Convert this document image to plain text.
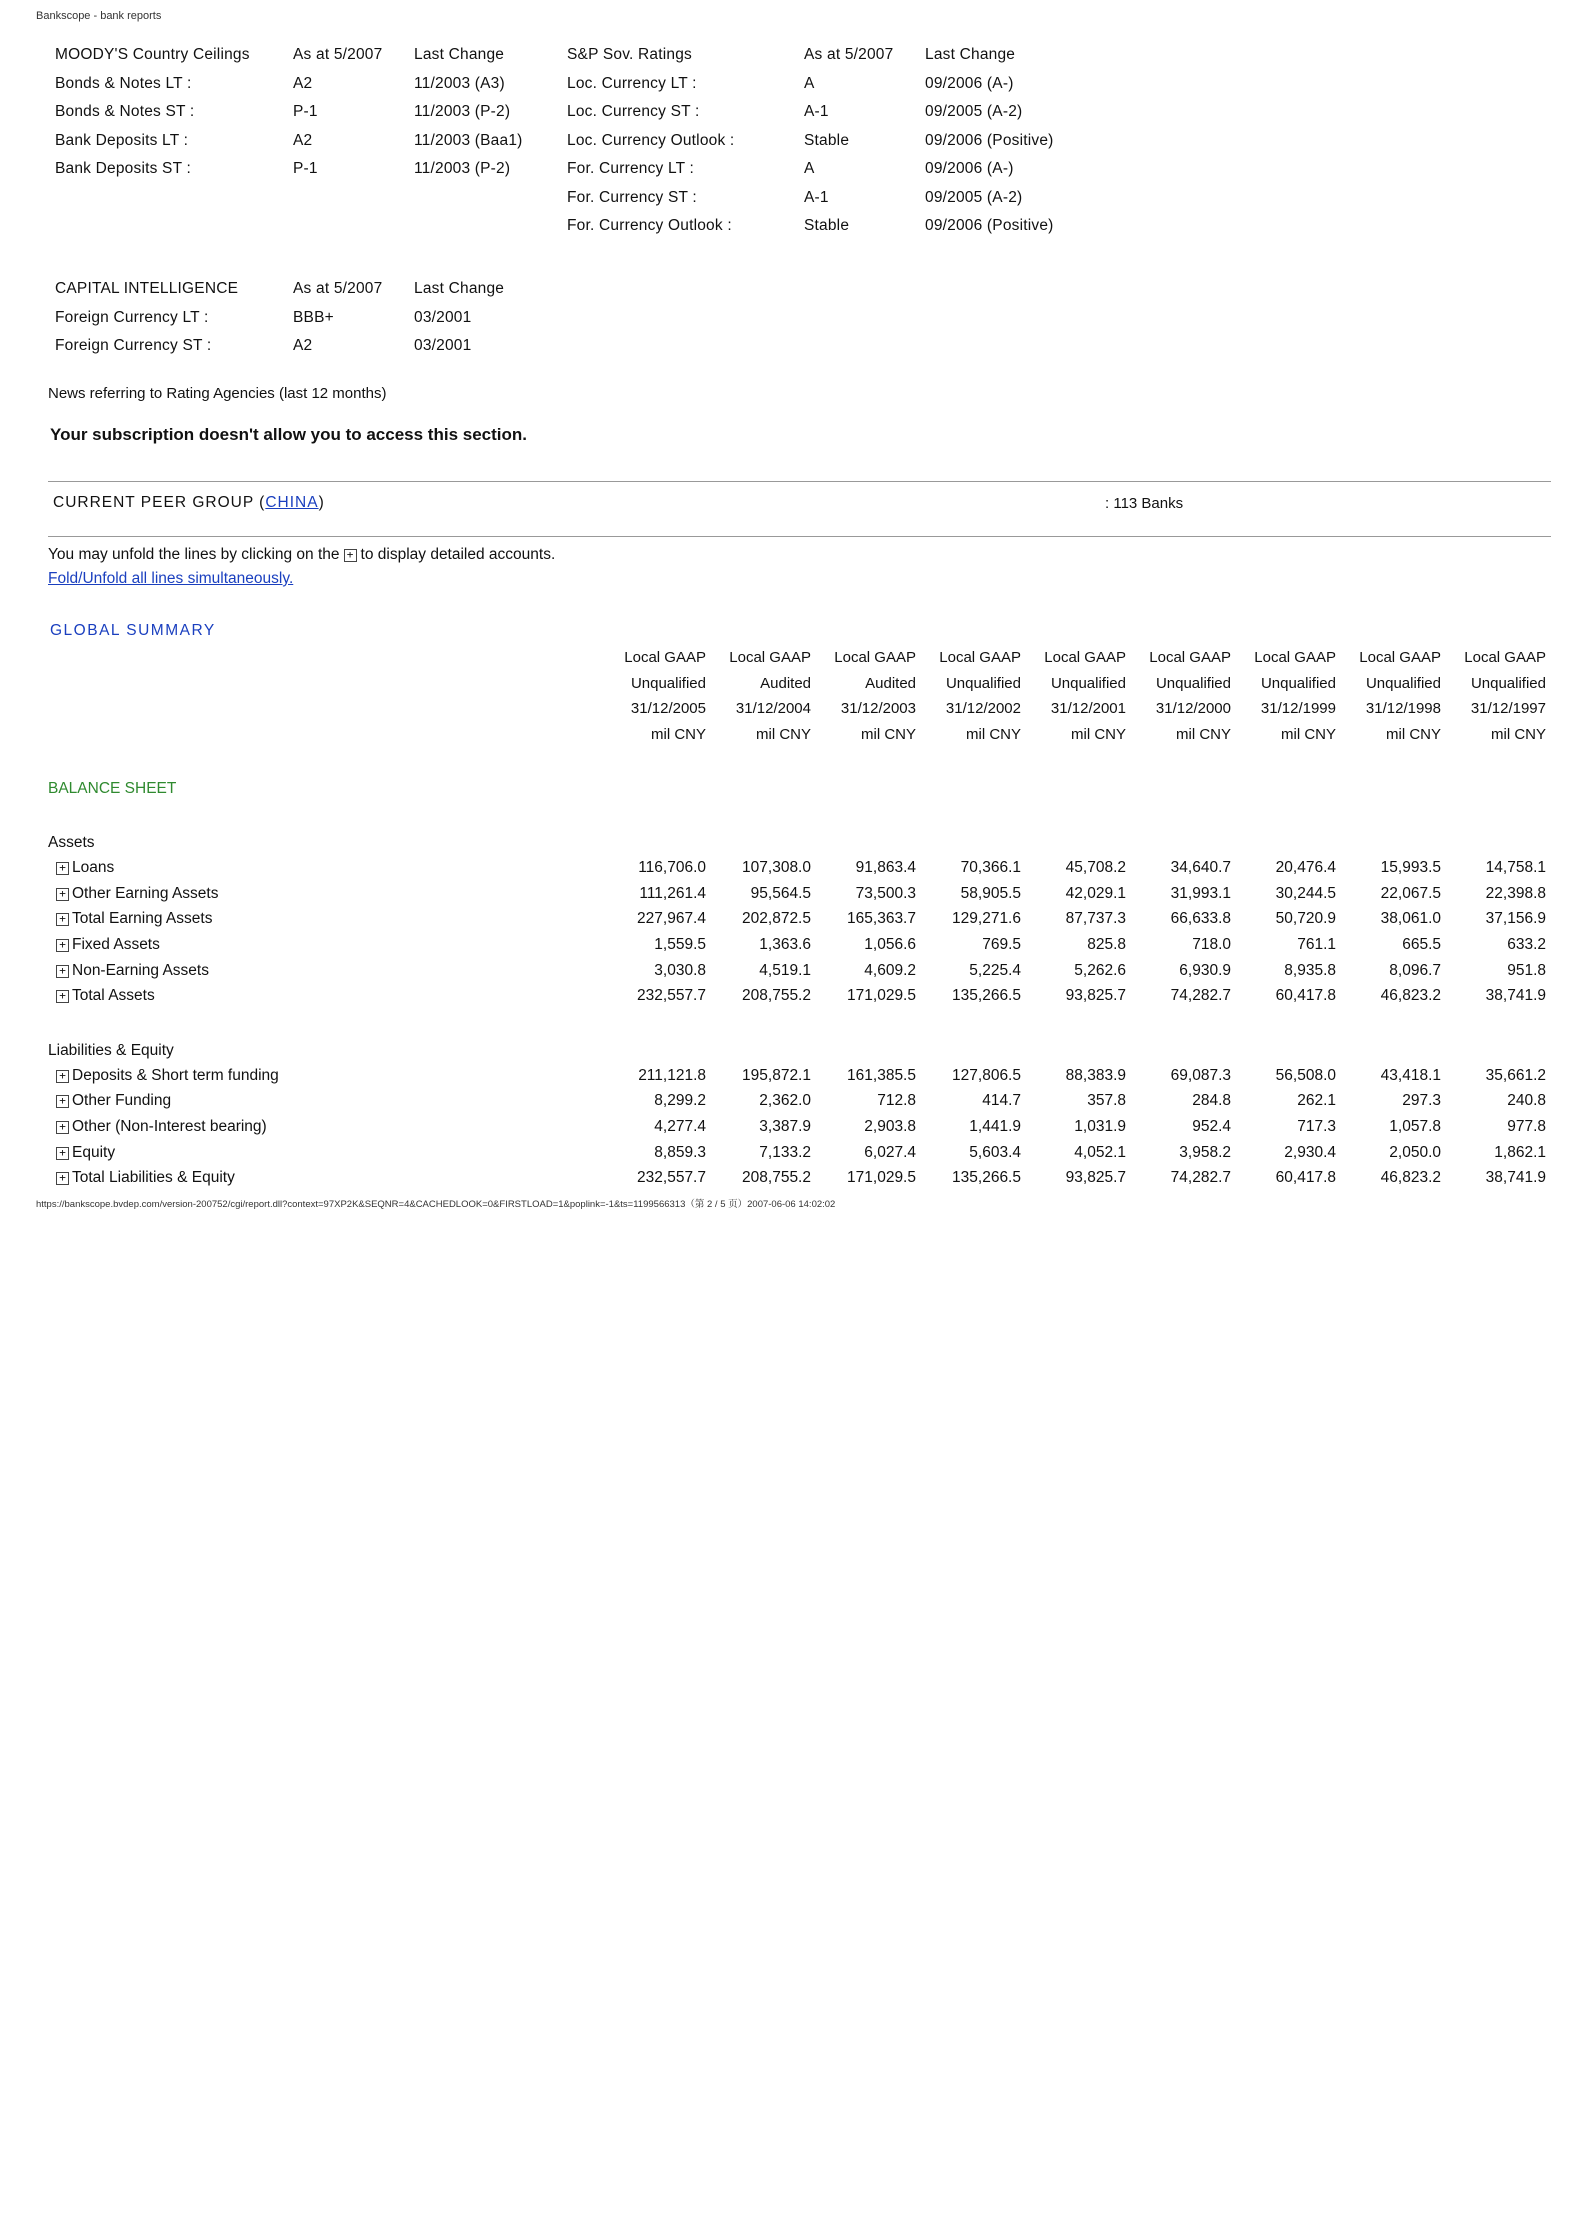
Bankscope - bank reports
MOODY'S Country Ceilings	As at 5/2007	Last Change
Bonds & Notes LT :	A2	11/2003 (A3)
Bonds & Notes ST :	P-1	11/2003 (P-2)
Bank Deposits LT :	A2	11/2003 (Baa1)
Bank Deposits ST :	P-1	11/2003 (P-2)
S&P Sov. Ratings	As at 5/2007	Last Change
Loc. Currency LT :	A	09/2006 (A-)
Loc. Currency ST :	A-1	09/2005 (A-2)
Loc. Currency Outlook :	Stable	09/2006 (Positive)
For. Currency LT :	A	09/2006 (A-)
For. Currency ST :	A-1	09/2005 (A-2)
For. Currency Outlook :	Stable	09/2006 (Positive)
CAPITAL INTELLIGENCE	As at 5/2007	Last Change
Foreign Currency LT :	BBB+	03/2001
Foreign Currency ST :	A2	03/2001
News referring to Rating Agencies (last 12 months)
Your subscription doesn't allow you to access this section.
CURRENT PEER GROUP (CHINA)	: 113 Banks
You may unfold the lines by clicking on the + to display detailed accounts.
Fold/Unfold all lines simultaneously.
GLOBAL SUMMARY
	Local GAAP	Local GAAP	Local GAAP	Local GAAP	Local GAAP	Local GAAP	Local GAAP	Local GAAP	Local GAAP
	Unqualified	Audited	Audited	Unqualified	Unqualified	Unqualified	Unqualified	Unqualified	Unqualified
	31/12/2005	31/12/2004	31/12/2003	31/12/2002	31/12/2001	31/12/2000	31/12/1999	31/12/1998	31/12/1997
	mil CNY	mil CNY	mil CNY	mil CNY	mil CNY	mil CNY	mil CNY	mil CNY	mil CNY
BALANCE SHEET									
Assets									
+ Loans	116,706.0	107,308.0	91,863.4	70,366.1	45,708.2	34,640.7	20,476.4	15,993.5	14,758.1
+ Other Earning Assets	111,261.4	95,564.5	73,500.3	58,905.5	42,029.1	31,993.1	30,244.5	22,067.5	22,398.8
+ Total Earning Assets	227,967.4	202,872.5	165,363.7	129,271.6	87,737.3	66,633.8	50,720.9	38,061.0	37,156.9
+ Fixed Assets	1,559.5	1,363.6	1,056.6	769.5	825.8	718.0	761.1	665.5	633.2
+ Non-Earning Assets	3,030.8	4,519.1	4,609.2	5,225.4	5,262.6	6,930.9	8,935.8	8,096.7	951.8
+ Total Assets	232,557.7	208,755.2	171,029.5	135,266.5	93,825.7	74,282.7	60,417.8	46,823.2	38,741.9
Liabilities & Equity									
+ Deposits & Short term funding	211,121.8	195,872.1	161,385.5	127,806.5	88,383.9	69,087.3	56,508.0	43,418.1	35,661.2
+ Other Funding	8,299.2	2,362.0	712.8	414.7	357.8	284.8	262.1	297.3	240.8
+ Other (Non-Interest bearing)	4,277.4	3,387.9	2,903.8	1,441.9	1,031.9	952.4	717.3	1,057.8	977.8
+ Equity	8,859.3	7,133.2	6,027.4	5,603.4	4,052.1	3,958.2	2,930.4	2,050.0	1,862.1
+ Total Liabilities & Equity	232,557.7	208,755.2	171,029.5	135,266.5	93,825.7	74,282.7	60,417.8	46,823.2	38,741.9
https://bankscope.bvdep.com/version-200752/cgi/report.dll?context=97XP2K&SEQNR=4&CACHEDLOOK=0&FIRSTLOAD=1&poplink=-1&ts=1199566313（第 2 / 5 页）2007-06-06 14:02:02
